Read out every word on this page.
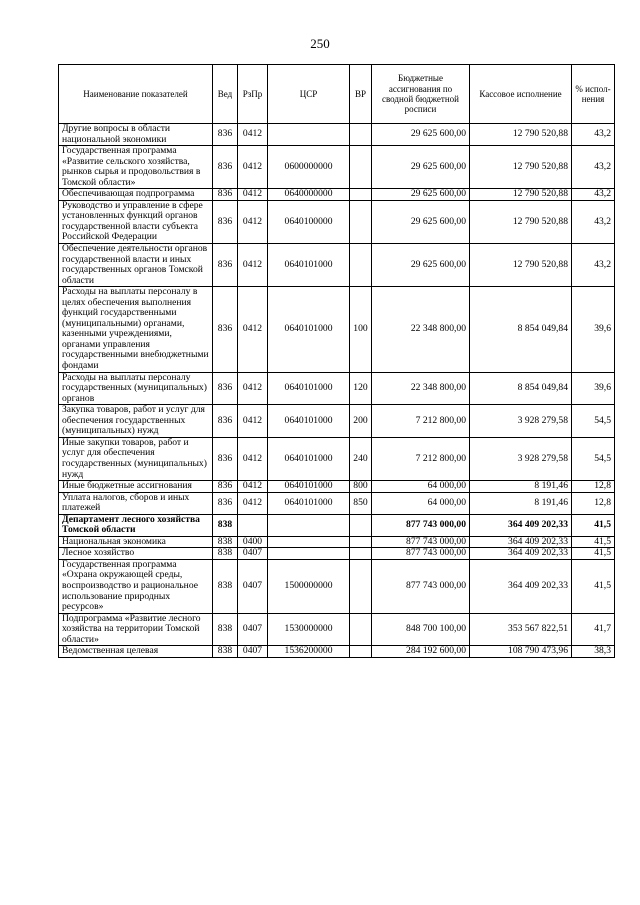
250
Наименование показателей	Вед	РзПр	ЦСР	ВР	Бюджетные ассигнования по сводной бюджетной росписи	Кассовое исполнение	% испол-нения
Другие вопросы в области национальной экономики	836	0412			29 625 600,00	12 790 520,88	43,2
Государственная программа «Развитие сельского хозяйства, рынков сырья и продовольствия в Томской области»	836	0412	0600000000		29 625 600,00	12 790 520,88	43,2
Обеспечивающая подпрограмма	836	0412	0640000000		29 625 600,00	12 790 520,88	43,2
Руководство и управление в сфере установленных функций органов государственной власти субъекта Российской Федерации	836	0412	0640100000		29 625 600,00	12 790 520,88	43,2
Обеспечение деятельности органов государственной власти и иных государственных органов Томской области	836	0412	0640101000		29 625 600,00	12 790 520,88	43,2
Расходы на выплаты персоналу в целях обеспечения выполнения функций государственными (муниципальными) органами, казенными учреждениями, органами управления государственными внебюджетными фондами	836	0412	0640101000	100	22 348 800,00	8 854 049,84	39,6
Расходы на выплаты персоналу государственных (муниципальных) органов	836	0412	0640101000	120	22 348 800,00	8 854 049,84	39,6
Закупка товаров, работ и услуг для обеспечения государственных (муниципальных) нужд	836	0412	0640101000	200	7 212 800,00	3 928 279,58	54,5
Иные закупки товаров, работ и услуг для обеспечения государственных (муниципальных) нужд	836	0412	0640101000	240	7 212 800,00	3 928 279,58	54,5
Иные бюджетные ассигнования	836	0412	0640101000	800	64 000,00	8 191,46	12,8
Уплата налогов, сборов и иных платежей	836	0412	0640101000	850	64 000,00	8 191,46	12,8
Департамент лесного хозяйства Томской области	838				877 743 000,00	364 409 202,33	41,5
Национальная экономика	838	0400			877 743 000,00	364 409 202,33	41,5
Лесное хозяйство	838	0407			877 743 000,00	364 409 202,33	41,5
Государственная программа «Охрана окружающей среды, воспроизводство и рациональное использование природных ресурсов»	838	0407	1500000000		877 743 000,00	364 409 202,33	41,5
Подпрограмма «Развитие лесного хозяйства на территории Томской области»	838	0407	1530000000		848 700 100,00	353 567 822,51	41,7
Ведомственная целевая	838	0407	1536200000		284 192 600,00	108 790 473,96	38,3
